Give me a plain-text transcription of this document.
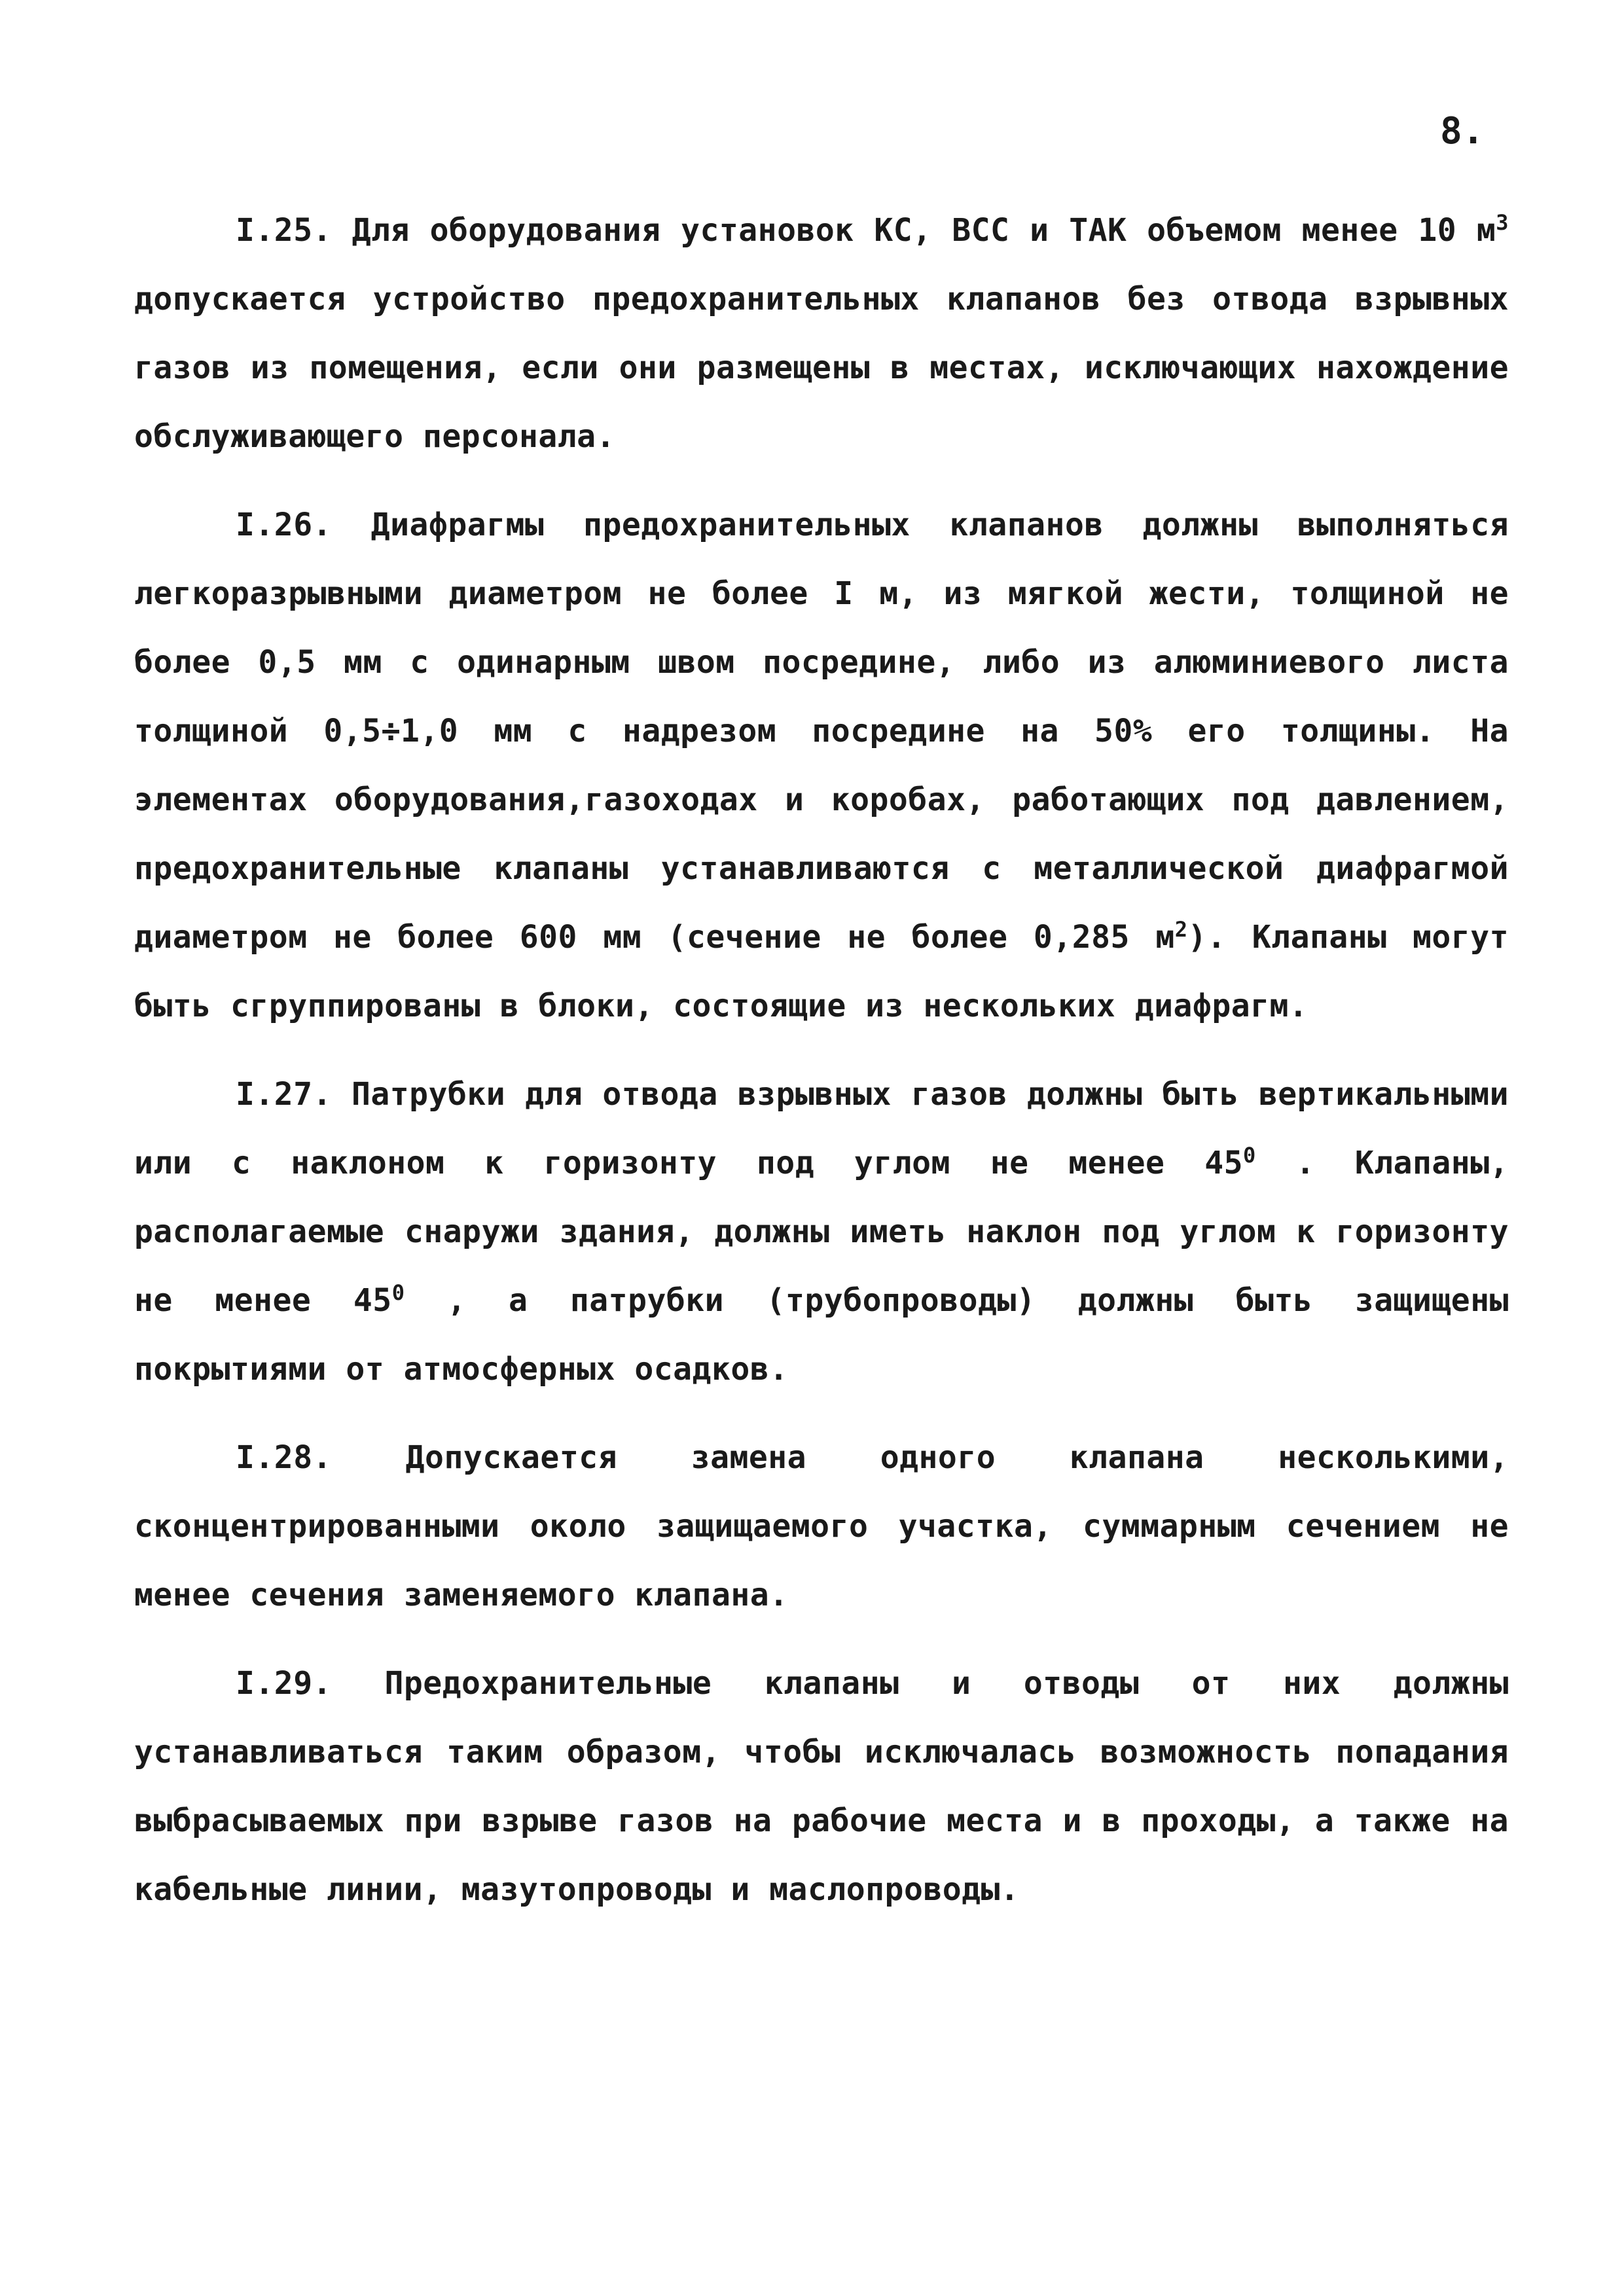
8.

I.25. Для оборудования установок КС, ВСС и ТАК объемом менее 10 $м^3$ допускается устройство предохранительных клапанов без отвода взрывных газов из помещения, если они размещены в местах, исключающих нахождение обслуживающего персонала.

I.26. Диафрагмы предохранительных клапанов должны выполняться легкоразрывными диаметром не более I м, из мягкой жести, толщиной не более 0,5 мм с одинарным швом посредине, либо из алюминиевого листа толщиной 0,5÷1,0 мм с надрезом посредине на 50% его толщины. На элементах оборудования,газоходах и коробах, работающих под давлением, предохранительные клапаны устанавливаются с металлической диафрагмой диаметром не более 600 мм (сечение не более 0,285 $м^2$). Клапаны могут быть сгруппированы в блоки, состоящие из нескольких диафрагм.

I.27. Патрубки для отвода взрывных газов должны быть вертикальными или с наклоном к горизонту под углом не менее $45^0$ . Клапаны, располагаемые снаружи здания, должны иметь наклон под углом к горизонту не менее $45^0$ , а патрубки (трубопроводы) должны быть защищены покрытиями от атмосферных осадков.

I.28. Допускается замена одного клапана несколькими, сконцентрированными около защищаемого участка, суммарным сечением не менее сечения заменяемого клапана.

I.29. Предохранительные клапаны и отводы от них должны устанавливаться таким образом, чтобы исключалась возможность попадания выбрасываемых при взрыве газов на рабочие места и в проходы, а также на кабельные линии, мазутопроводы и маслопроводы.
